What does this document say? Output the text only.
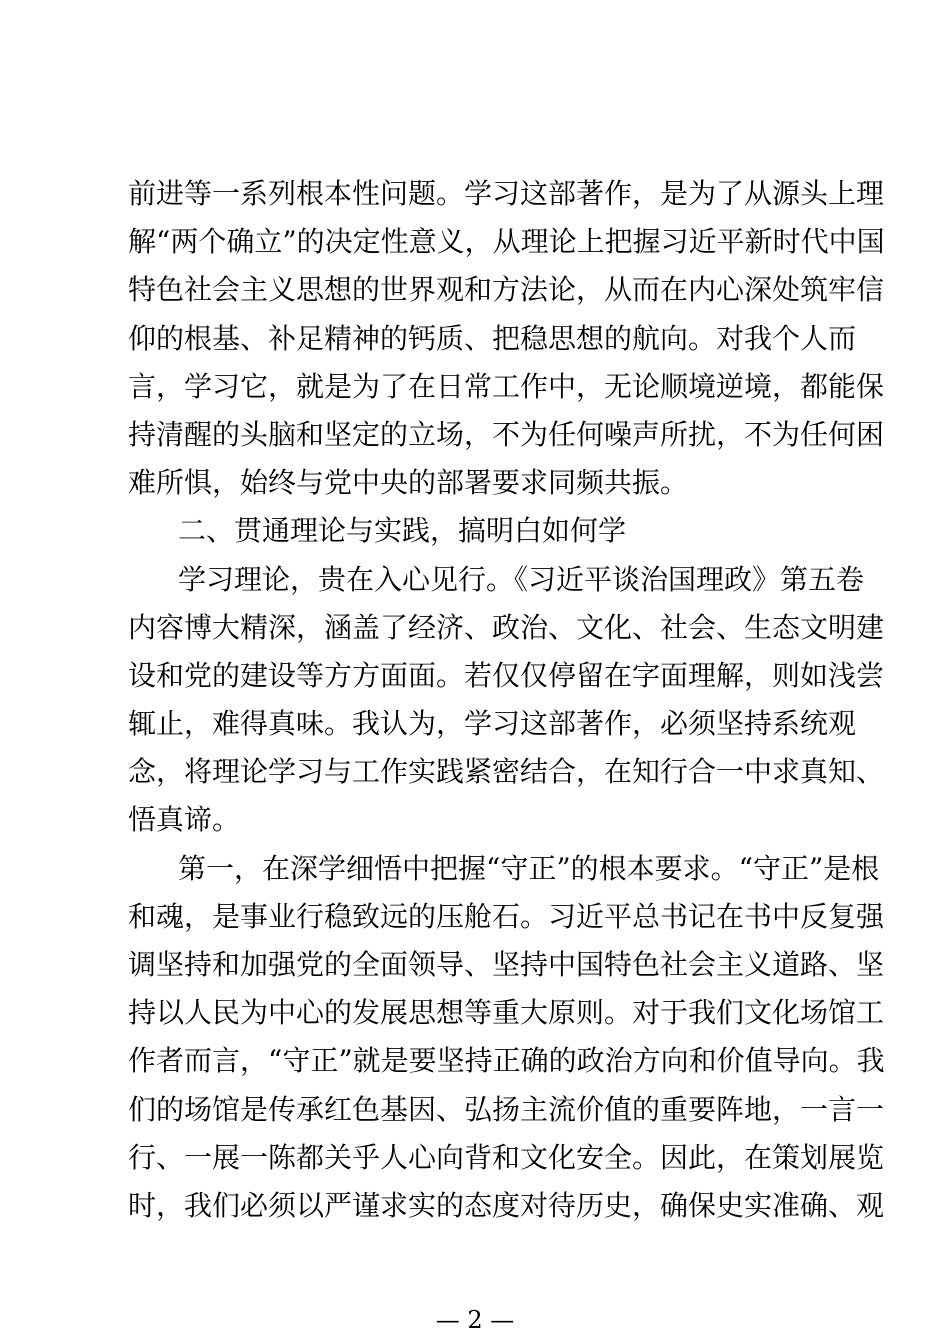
前进等一系列根本性问题。学习这部著作，是为了从源头上理
解“两个确立”的决定性意义，从理论上把握习近平新时代中国
特色社会主义思想的世界观和方法论，从而在内心深处筑牢信
仰的根基、补足精神的钙质、把稳思想的航向。对我个人而
言，学习它，就是为了在日常工作中，无论顺境逆境，都能保
持清醒的头脑和坚定的立场，不为任何噪声所扰，不为任何困
难所惧，始终与党中央的部署要求同频共振。
二、贯通理论与实践，搞明白如何学
学习理论，贵在入心见行。《习近平谈治国理政》第五卷
内容博大精深，涵盖了经济、政治、文化、社会、生态文明建
设和党的建设等方方面面。若仅仅停留在字面理解，则如浅尝
辄止，难得真味。我认为，学习这部著作，必须坚持系统观
念，将理论学习与工作实践紧密结合，在知行合一中求真知、
悟真谛。
第一，在深学细悟中把握“守正”的根本要求。“守正”是根
和魂，是事业行稳致远的压舱石。习近平总书记在书中反复强
调坚持和加强党的全面领导、坚持中国特色社会主义道路、坚
持以人民为中心的发展思想等重大原则。对于我们文化场馆工
作者而言，“守正”就是要坚持正确的政治方向和价值导向。我
们的场馆是传承红色基因、弘扬主流价值的重要阵地，一言一
行、一展一陈都关乎人心向背和文化安全。因此，在策划展览
时，我们必须以严谨求实的态度对待历史，确保史实准确、观
— 2 —
